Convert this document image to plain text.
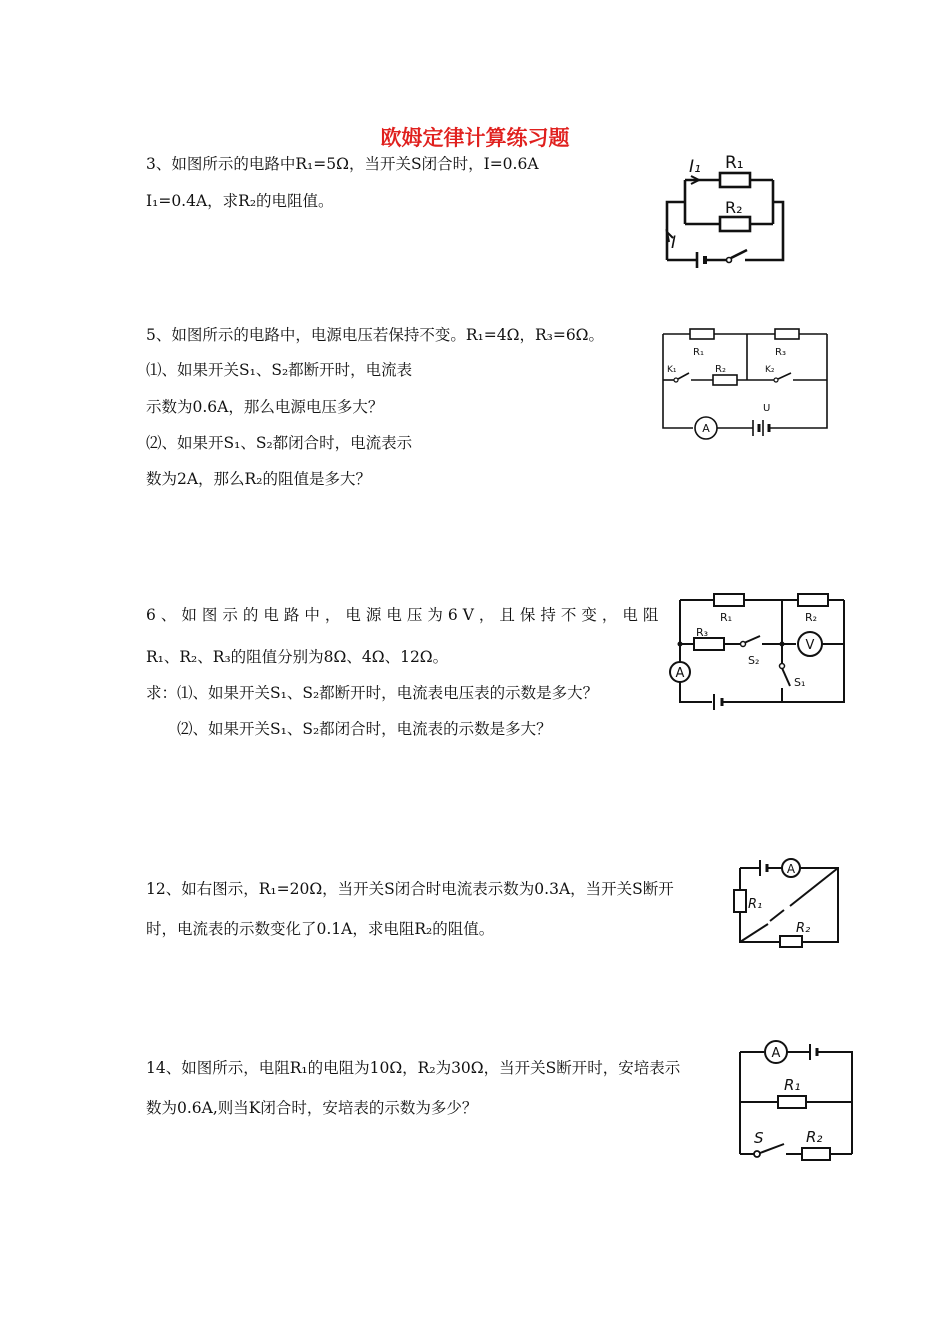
欧姆定律计算练习题
3、如图所示的电路中R₁=5Ω，当开关S闭合时，I=0.6A
I₁=0.4A，求R₂的电阻值。
I₁ R₁
R₂
I
5、如图所示的电路中，电源电压若保持不变。R₁=4Ω，R₃=6Ω。
⑴、如果开关S₁、S₂都断开时，电流表
示数为0.6A，那么电源电压多大？
⑵、如果开S₁、S₂都闭合时，电流表示
数为2A，那么R₂的阻值是多大？
R₁	R₃
K₁	R₂	K₂
U
A
6、如图示的电路中，电源电压为6V，且保持不变，电阻
R₁、R₂、R₃的阻值分别为8Ω、4Ω、12Ω。
求：⑴、如果开关S₁、S₂都断开时，电流表电压表的示数是多大？
⑵、如果开关S₁、S₂都闭合时，电流表的示数是多大？
R₁	R₂
R₃
V
A
S₂
S₁
12、如右图示，R₁=20Ω，当开关S闭合时电流表示数为0.3A，当开关S断开
时，电流表的示数变化了0.1A，求电阻R₂的阻值。
A
R₁
R₂
14、如图所示，电阻R₁的电阻为10Ω，R₂为30Ω，当开关S断开时，安培表示
数为0.6A,则当K闭合时，安培表的示数为多少？
A
R₁
S	R₂
